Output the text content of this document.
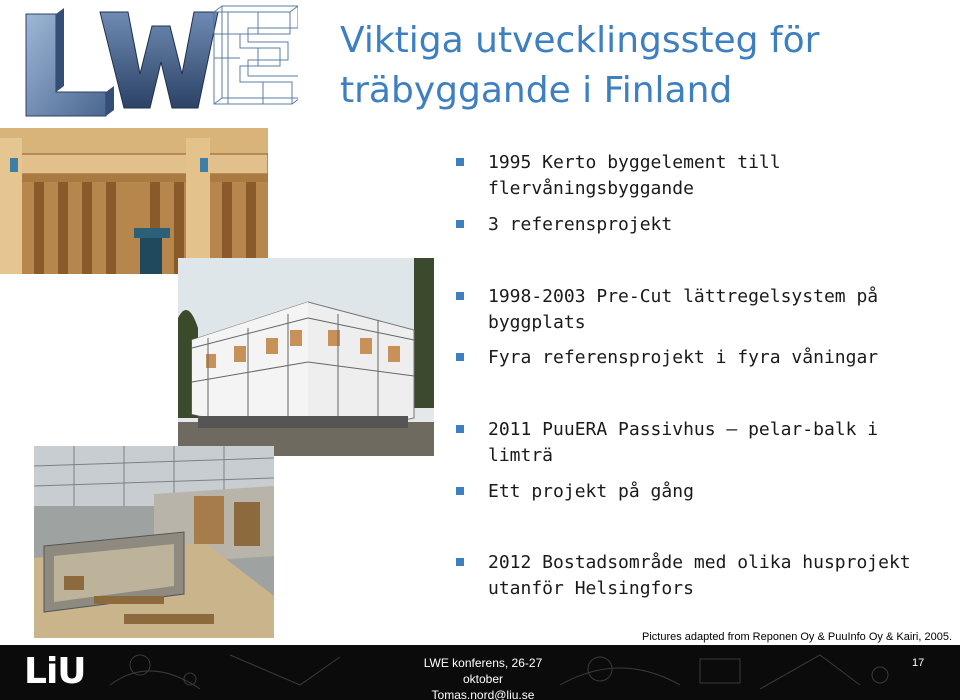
Viktiga utvecklingssteg för
träbyggande i Finland
1995 Kerto byggelement till flervåningsbyggande
3 referensprojekt
1998-2003 Pre-Cut lättregelsystem på byggplats
Fyra referensprojekt i fyra våningar
2011 PuuERA Passivhus – pelar-balk i limträ
Ett projekt på gång
2012 Bostadsområde med olika husprojekt utanför Helsingfors
Pictures adapted from Reponen Oy & PuuInfo Oy & Kairi, 2005.
LiU	LWE konferens, 26-27 oktober
Tomas.nord@liu.se
17
